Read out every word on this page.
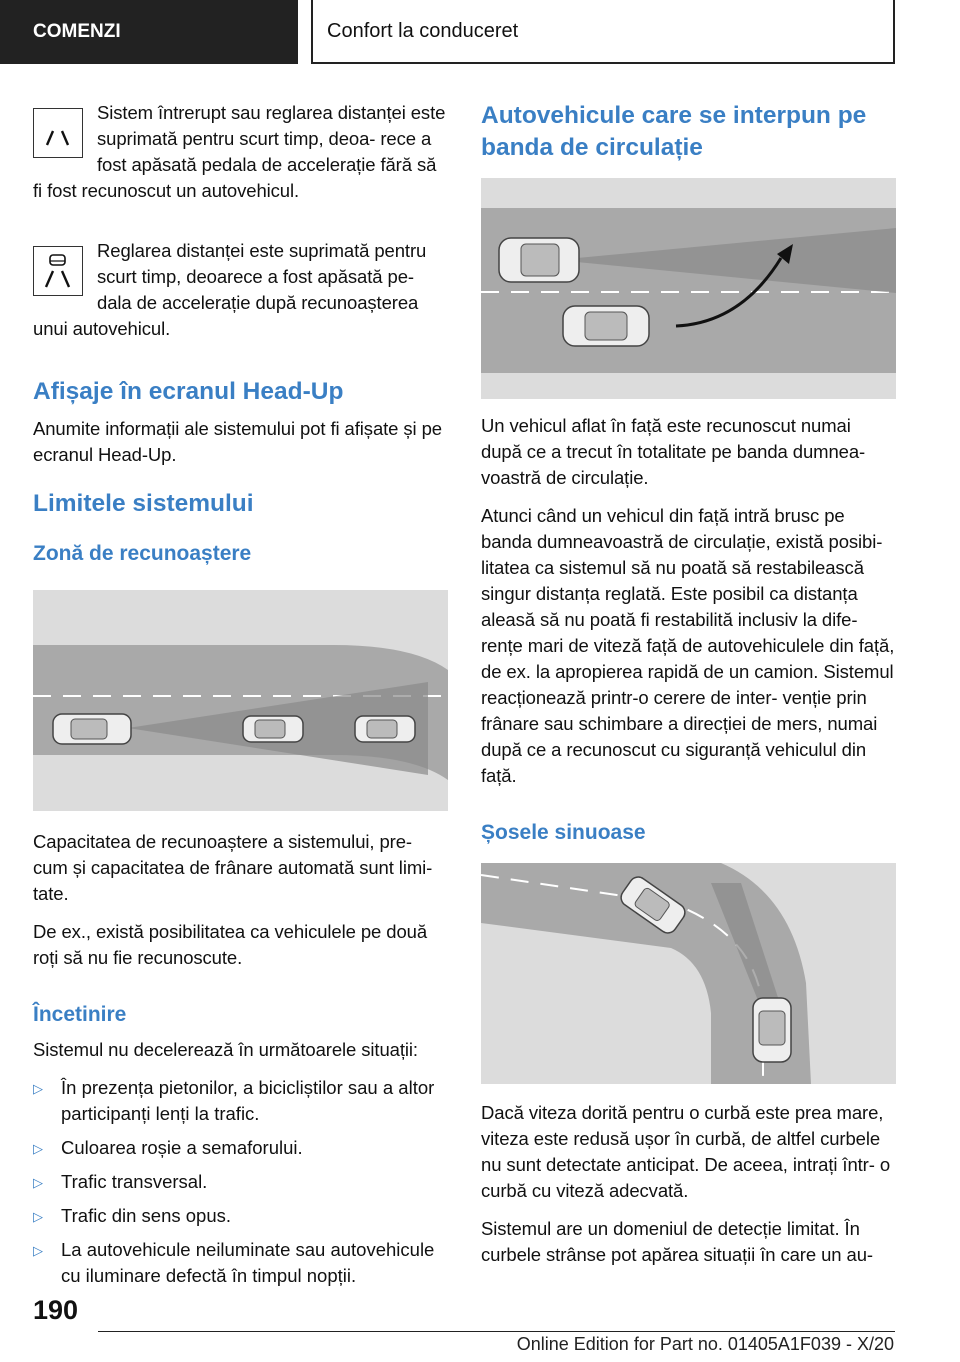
COMENZI	Confort la conduceret

Sistem întrerupt sau reglarea distanței este suprimată pentru scurt timp, deoa‐ rece a fost apăsată pedala de accelerație fără să fi fost recunoscut un autovehicul.

Reglarea distanței este suprimată pentru scurt timp, deoarece a fost apăsată pe‐ dala de accelerație după recunoașterea unui autovehicul.

Afișaje în ecranul Head-Up

Anumite informații ale sistemului pot fi afișate și pe ecranul Head-Up.

Limitele sistemului
Zonă de recunoaștere

Capacitatea de recunoaștere a sistemului, pre‐ cum și capacitatea de frânare automată sunt limi‐ tate.

De ex., există posibilitatea ca vehiculele pe două roți să nu fie recunoscute.

Încetinire

Sistemul nu decelerează în următoarele situații:

▷ În prezența pietonilor, a bicicliștilor sau a altor participanți lenți la trafic.
▷ Culoarea roșie a semaforului.
▷ Trafic transversal.
▷ Trafic din sens opus.
▷ La autovehicule neiluminate sau autovehicule cu iluminare defectă în timpul nopții.
Autovehicule care se interpun pe banda de circulație

Un vehicul aflat în față este recunoscut numai după ce a trecut în totalitate pe banda dumnea‐ voastră de circulație.

Atunci când un vehicul din față intră brusc pe banda dumneavoastră de circulație, există posibi‐ litatea ca sistemul să nu poată să restabilească singur distanța reglată. Este posibil ca distanța aleasă să nu poată fi restabilită inclusiv la dife‐ rențe mari de viteză față de autovehiculele din față, de ex. la apropierea rapidă de un camion. Sistemul reacționează printr-o cerere de inter‐ venție prin frânare sau schimbare a direcției de mers, numai după ce a recunoscut cu siguranță vehiculul din față.

Șosele sinuoase

Dacă viteza dorită pentru o curbă este prea mare, viteza este redusă ușor în curbă, de altfel curbele nu sunt detectate anticipat. De aceea, intrați într- o curbă cu viteză adecvată.

Sistemul are un domeniul de detecție limitat. În curbele strânse pot apărea situații în care un au‐

190
Online Edition for Part no. 01405A1F039 - X/20
